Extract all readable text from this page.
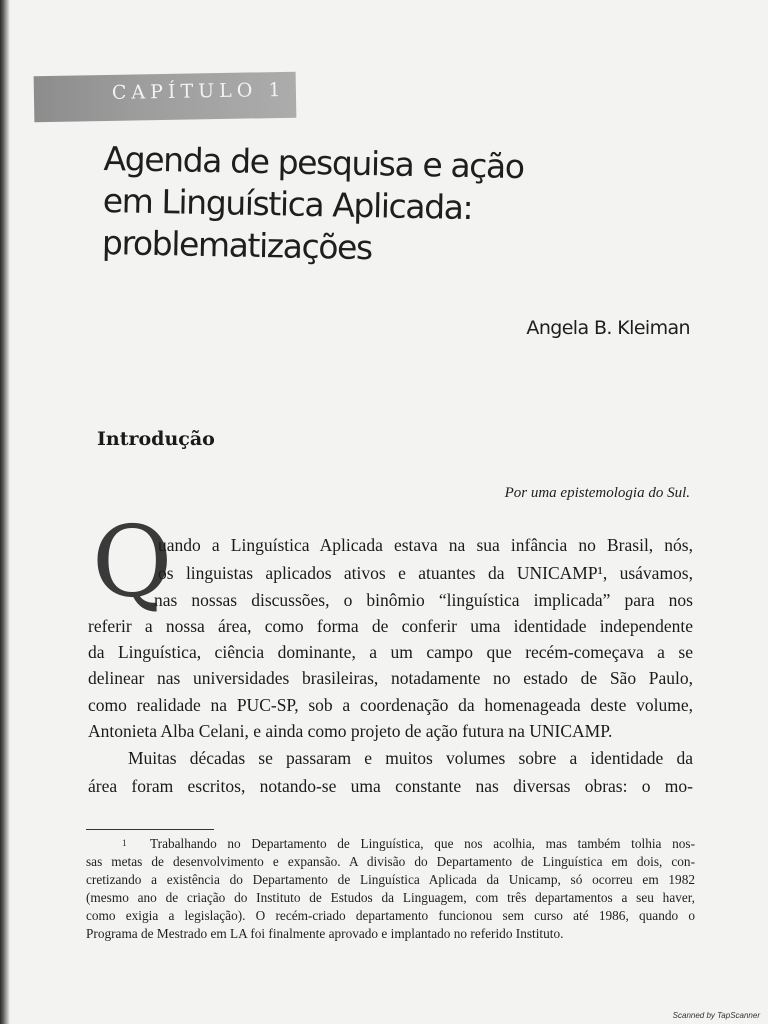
CAPÍTULO 1
Agenda de pesquisa e ação
em Linguística Aplicada:
problematizações
Angela B. Kleiman
Introdução
Por uma epistemologia do Sul.
Q
uando a Linguística Aplicada estava na sua infância no Brasil, nós,
os linguistas aplicados ativos e atuantes da UNICAMP¹, usávamos,
nas nossas discussões, o binômio “linguística implicada” para nos
referir a nossa área, como forma de conferir uma identidade independente
da Linguística, ciência dominante, a um campo que recém-começava a se
delinear nas universidades brasileiras, notadamente no estado de São Paulo,
como realidade na PUC-SP, sob a coordenação da homenageada deste volume,
Antonieta Alba Celani, e ainda como projeto de ação futura na UNICAMP.
Muitas décadas se passaram e muitos volumes sobre a identidade da
área foram escritos, notando-se uma constante nas diversas obras: o mo-
1 Trabalhando no Departamento de Linguística, que nos acolhia, mas também tolhia nos-
sas metas de desenvolvimento e expansão. A divisão do Departamento de Linguística em dois, con-
cretizando a existência do Departamento de Linguística Aplicada da Unicamp, só ocorreu em 1982
(mesmo ano de criação do Instituto de Estudos da Linguagem, com três departamentos a seu haver,
como exigia a legislação). O recém-criado departamento funcionou sem curso até 1986, quando o
Programa de Mestrado em LA foi finalmente aprovado e implantado no referido Instituto.
Scanned by TapScanner
